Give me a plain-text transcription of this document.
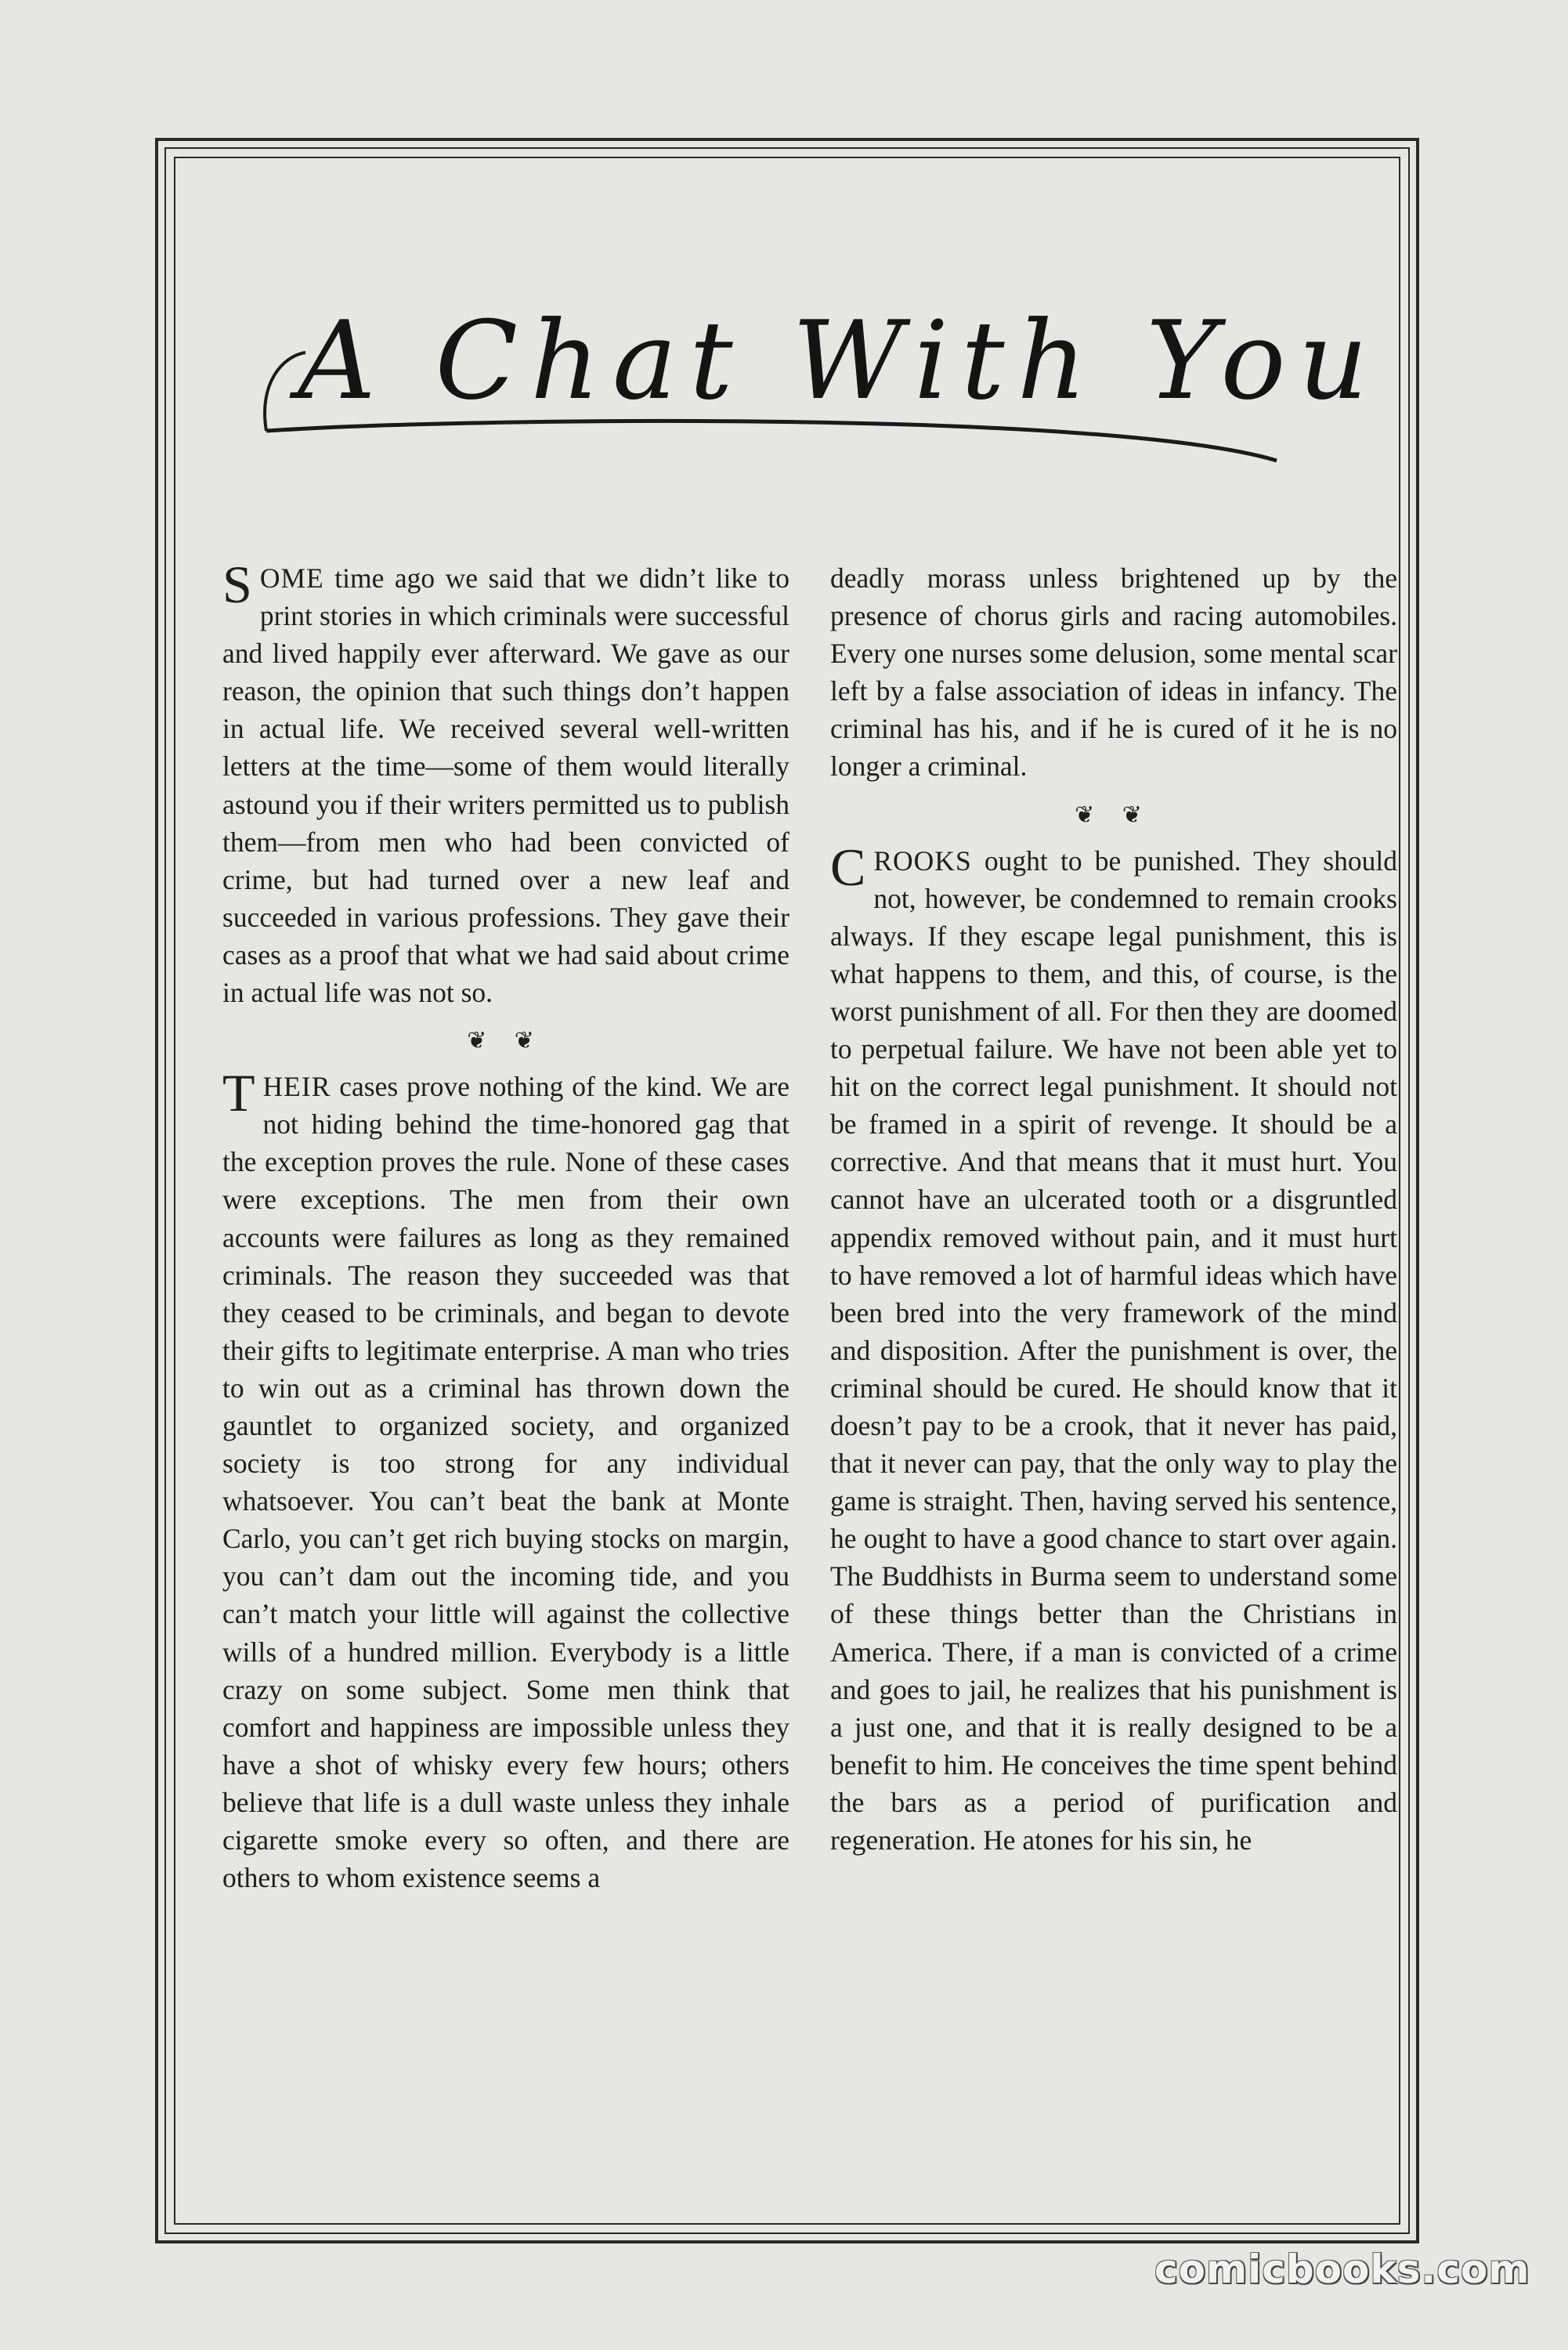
A Chat With You

SOME time ago we said that we didn’t like to print stories in which criminals were successful and lived happily ever afterward. We gave as our reason, the opinion that such things don’t happen in actual life. We received several well-written letters at the time—some of them would literally astound you if their writers permitted us to publish them—from men who had been convicted of crime, but had turned over a new leaf and succeeded in various professions. They gave their cases as a proof that what we had said about crime in actual life was not so.

❦ ❦

THEIR cases prove nothing of the kind. We are not hiding behind the time-honored gag that the exception proves the rule. None of these cases were exceptions. The men from their own accounts were failures as long as they remained criminals. The reason they succeeded was that they ceased to be criminals, and began to devote their gifts to legitimate enterprise. A man who tries to win out as a criminal has thrown down the gauntlet to organized society, and organized society is too strong for any individual whatsoever. You can’t beat the bank at Monte Carlo, you can’t get rich buying stocks on margin, you can’t dam out the incoming tide, and you can’t match your little will against the collective wills of a hundred million. Everybody is a little crazy on some subject. Some men think that comfort and happiness are impossible unless they have a shot of whisky every few hours; others believe that life is a dull waste unless they inhale cigarette smoke every so often, and there are others to whom existence seems a

deadly morass unless brightened up by the presence of chorus girls and racing automobiles. Every one nurses some delusion, some mental scar left by a false association of ideas in infancy. The criminal has his, and if he is cured of it he is no longer a criminal.

❦ ❦

CROOKS ought to be punished. They should not, however, be condemned to remain crooks always. If they escape legal punishment, this is what happens to them, and this, of course, is the worst punishment of all. For then they are doomed to perpetual failure. We have not been able yet to hit on the correct legal punishment. It should not be framed in a spirit of revenge. It should be a corrective. And that means that it must hurt. You cannot have an ulcerated tooth or a disgruntled appendix removed without pain, and it must hurt to have removed a lot of harmful ideas which have been bred into the very framework of the mind and disposition. After the punishment is over, the criminal should be cured. He should know that it doesn’t pay to be a crook, that it never has paid, that it never can pay, that the only way to play the game is straight. Then, having served his sentence, he ought to have a good chance to start over again. The Buddhists in Burma seem to understand some of these things better than the Christians in America. There, if a man is convicted of a crime and goes to jail, he realizes that his punishment is a just one, and that it is really designed to be a benefit to him. He conceives the time spent behind the bars as a period of purification and regeneration. He atones for his sin, he

comicbooks.com
